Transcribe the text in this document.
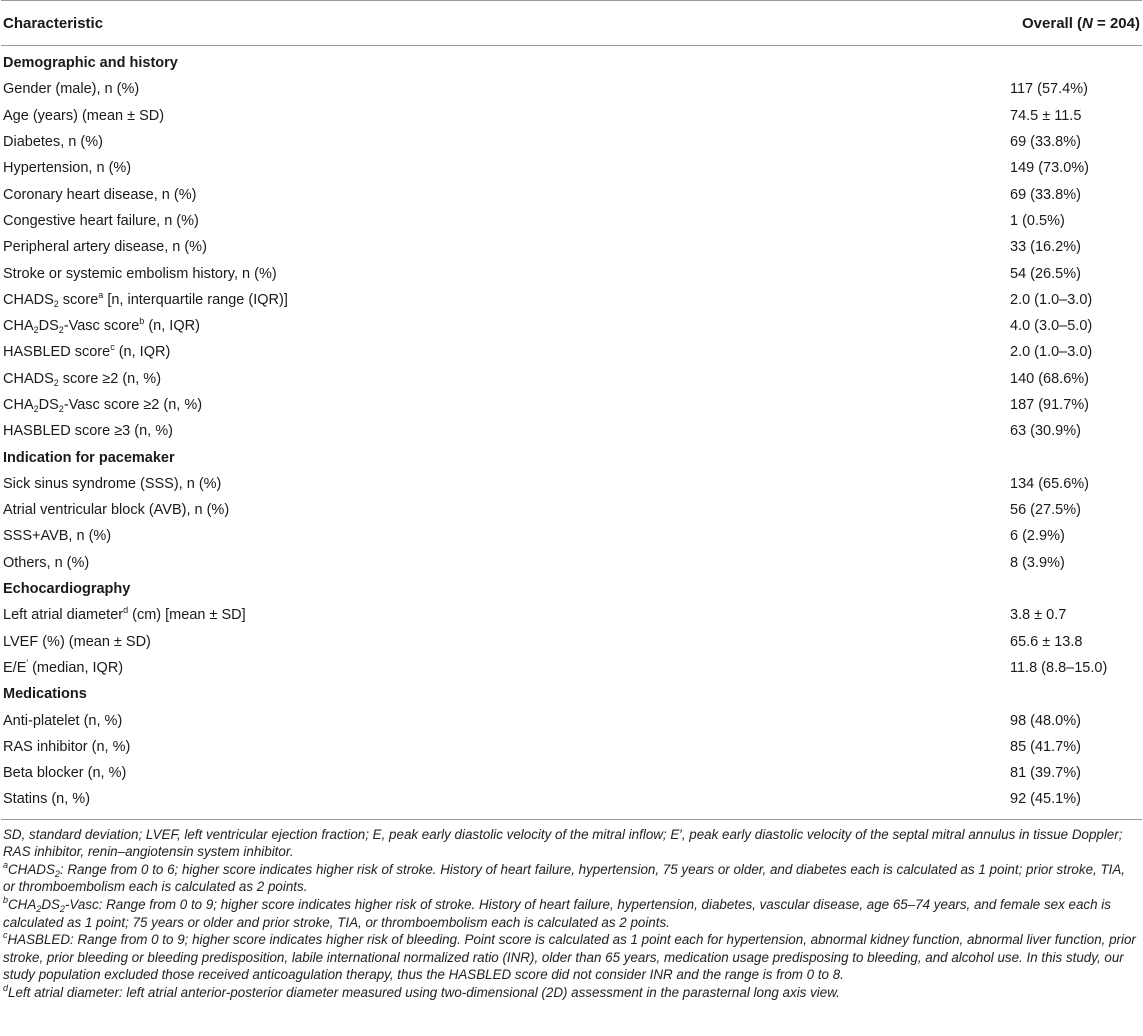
Characteristic	Overall (N = 204)
Demographic and history
Gender (male), n (%)	117 (57.4%)
Age (years) (mean ± SD)	74.5 ± 11.5
Diabetes, n (%)	69 (33.8%)
Hypertension, n (%)	149 (73.0%)
Coronary heart disease, n (%)	69 (33.8%)
Congestive heart failure, n (%)	1 (0.5%)
Peripheral artery disease, n (%)	33 (16.2%)
Stroke or systemic embolism history, n (%)	54 (26.5%)
$CHADS_2$ score$^a$ [n, interquartile range (IQR)]	2.0 (1.0–3.0)
$CHA_2DS_2$-Vasc score$^b$ (n, IQR)	4.0 (3.0–5.0)
HASBLED score$^c$ (n, IQR)	2.0 (1.0–3.0)
$CHADS_2$ score ≥2 (n, %)	140 (68.6%)
$CHA_2DS_2$-Vasc score ≥2 (n, %)	187 (91.7%)
HASBLED score ≥3 (n, %)	63 (30.9%)
Indication for pacemaker
Sick sinus syndrome (SSS), n (%)	134 (65.6%)
Atrial ventricular block (AVB), n (%)	56 (27.5%)
SSS+AVB, n (%)	6 (2.9%)
Others, n (%)	8 (3.9%)
Echocardiography
Left atrial diameter$^d$ (cm) [mean ± SD]	3.8 ± 0.7
LVEF (%) (mean ± SD)	65.6 ± 13.8
E/E′ (median, IQR)	11.8 (8.8–15.0)
Medications
Anti-platelet (n, %)	98 (48.0%)
RAS inhibitor (n, %)	85 (41.7%)
Beta blocker (n, %)	81 (39.7%)
Statins (n, %)	92 (45.1%)

SD, standard deviation; LVEF, left ventricular ejection fraction; E, peak early diastolic velocity of the mitral inflow; E′, peak early diastolic velocity of the septal mitral annulus in tissue Doppler; RAS inhibitor, renin–angiotensin system inhibitor.

$^aCHADS_2$: Range from 0 to 6; higher score indicates higher risk of stroke. History of heart failure, hypertension, 75 years or older, and diabetes each is calculated as 1 point; prior stroke, TIA, or thromboembolism each is calculated as 2 points.

$^bCHA_2DS_2$-Vasc: Range from 0 to 9; higher score indicates higher risk of stroke. History of heart failure, hypertension, diabetes, vascular disease, age 65–74 years, and female sex each is calculated as 1 point; 75 years or older and prior stroke, TIA, or thromboembolism each is calculated as 2 points.

$^c$HASBLED: Range from 0 to 9; higher score indicates higher risk of bleeding. Point score is calculated as 1 point each for hypertension, abnormal kidney function, abnormal liver function, prior stroke, prior bleeding or bleeding predisposition, labile international normalized ratio (INR), older than 65 years, medication usage predisposing to bleeding, and alcohol use. In this study, our study population excluded those received anticoagulation therapy, thus the HASBLED score did not consider INR and the range is from 0 to 8.

$^d$Left atrial diameter: left atrial anterior-posterior diameter measured using two-dimensional (2D) assessment in the parasternal long axis view.
